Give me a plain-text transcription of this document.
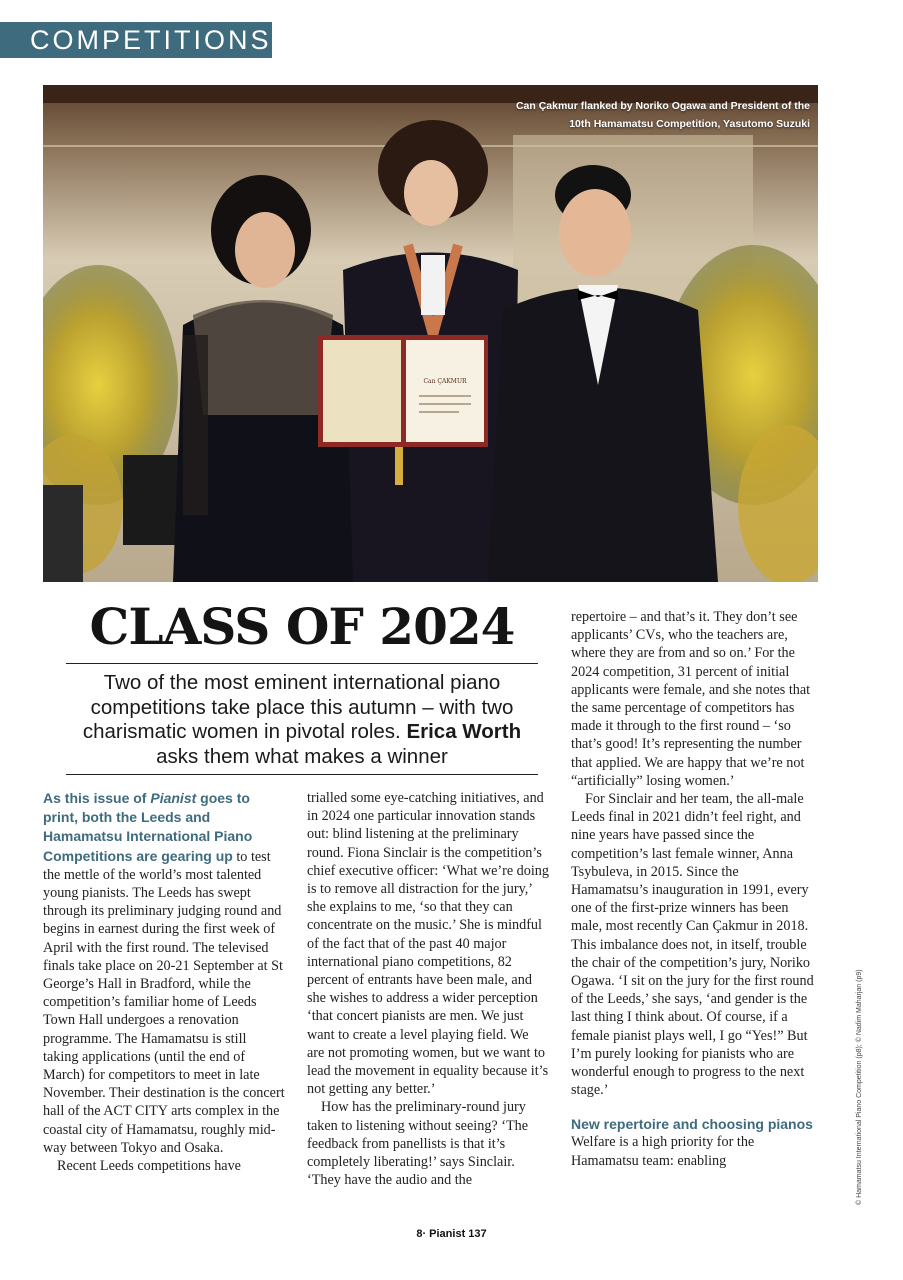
COMPETITIONS
Can ÇAKMUR
Can Çakmur flanked by Noriko Ogawa and President of the
10th Hamamatsu Competition, Yasutomo Suzuki
CLASS OF 2024
Two of the most eminent international piano competitions take place this autumn – with two charismatic women in pivotal roles. Erica Worth asks them what makes a winner

As this issue of Pianist goes to print, both the Leeds and Hamamatsu International Piano Competitions are gearing up to test the mettle of the world’s most talented young pianists. The Leeds has swept through its preliminary judging round and begins in earnest during the first week of April with the first round. The televised finals take place on 20-21 September at St George’s Hall in Bradford, while the competition’s familiar home of Leeds Town Hall undergoes a renovation programme. The Hamamatsu is still taking applications (until the end of March) for competitors to meet in late November. Their destination is the concert hall of the ACT CITY arts complex in the coastal city of Hamamatsu, roughly mid-way between Tokyo and Osaka.

Recent Leeds competitions have

trialled some eye-catching initiatives, and in 2024 one particular innovation stands out: blind listening at the preliminary round. Fiona Sinclair is the competition’s chief executive officer: ‘What we’re doing is to remove all distraction for the jury,’ she explains to me, ‘so that they can concentrate on the music.’ She is mindful of the fact that of the past 40 major international piano competitions, 82 percent of entrants have been male, and she wishes to address a wider perception ‘that concert pianists are men. We just want to create a level playing field. We are not promoting women, but we want to lead the movement in equality because it’s not getting any better.’

How has the preliminary-round jury taken to listening without seeing? ‘The feedback from panellists is that it’s completely liberating!’ says Sinclair. ‘They have the audio and the

repertoire – and that’s it. They don’t see applicants’ CVs, who the teachers are, where they are from and so on.’ For the 2024 competition, 31 percent of initial applicants were female, and she notes that the same percentage of competitors has made it through to the first round – ‘so that’s good! It’s representing the number that applied. We are happy that we’re not “artificially” losing women.’

For Sinclair and her team, the all-male Leeds final in 2021 didn’t feel right, and nine years have passed since the competition’s last female winner, Anna Tsybuleva, in 2015. Since the Hamamatsu’s inauguration in 1991, every one of the first-prize winners has been male, most recently Can Çakmur in 2018. This imbalance does not, in itself, trouble the chair of the competition’s jury, Noriko Ogawa. ‘I sit on the jury for the first round of the Leeds,’ she says, ‘and gender is the last thing I think about. Of course, if a female pianist plays well, I go “Yes!” But I’m purely looking for pianists who are wonderful enough to progress to the next stage.’

New repertoire and choosing pianos

Welfare is a high priority for the Hamamatsu team: enabling	© Hamamatsu International Piano Competition (p8); © Nadim Maharjan (p9)
8· Pianist 137
